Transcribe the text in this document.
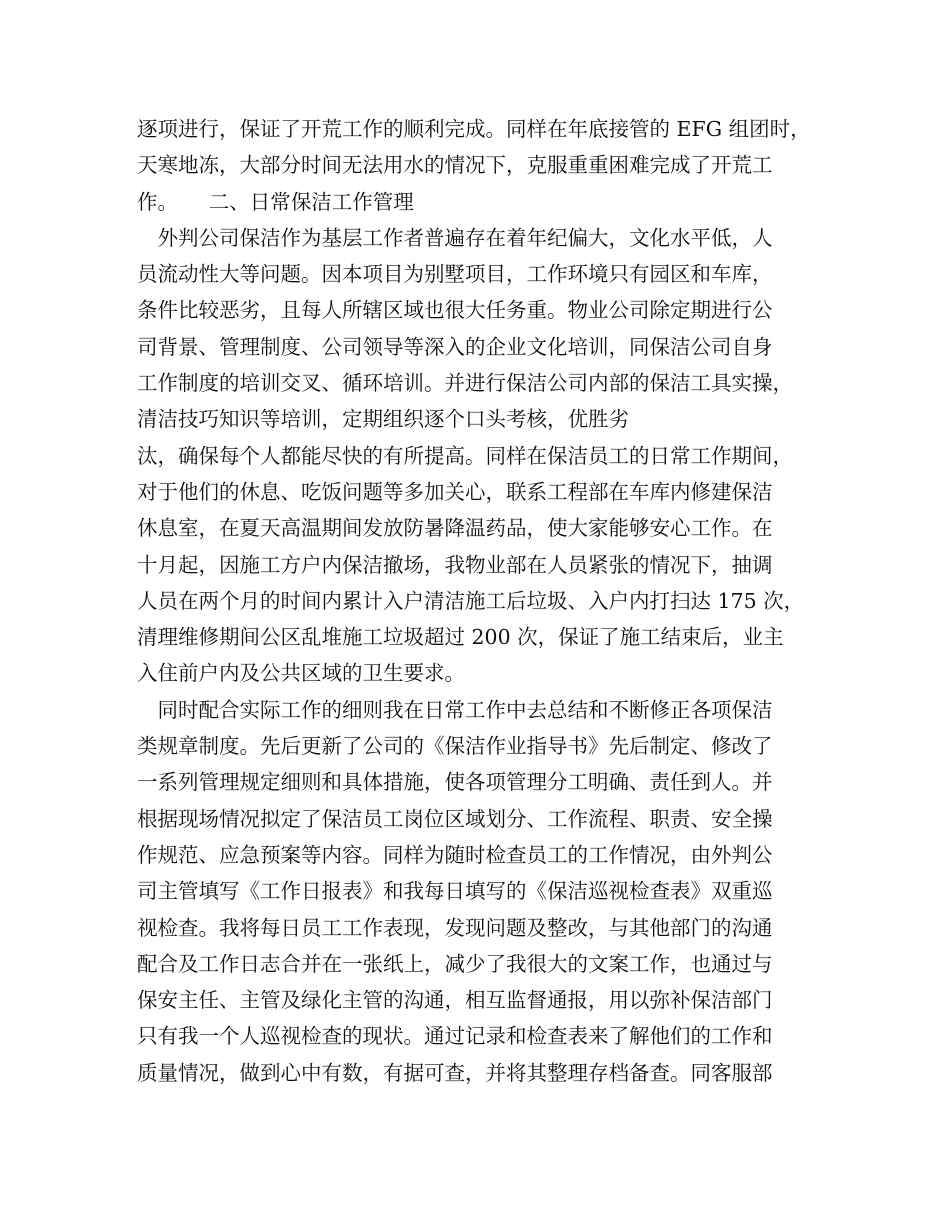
逐项进行，保证了开荒工作的顺利完成。同样在年底接管的 EFG 组团时，
天寒地冻，大部分时间无法用水的情况下，克服重重困难完成了开荒工
作。　　二、日常保洁工作管理
　外判公司保洁作为基层工作者普遍存在着年纪偏大，文化水平低，人
员流动性大等问题。因本项目为别墅项目，工作环境只有园区和车库，
条件比较恶劣，且每人所辖区域也很大任务重。物业公司除定期进行公
司背景、管理制度、公司领导等深入的企业文化培训，同保洁公司自身
工作制度的培训交叉、循环培训。并进行保洁公司内部的保洁工具实操，
清洁技巧知识等培训，定期组织逐个口头考核，优胜劣
汰，确保每个人都能尽快的有所提高。同样在保洁员工的日常工作期间，
对于他们的休息、吃饭问题等多加关心，联系工程部在车库内修建保洁
休息室，在夏天高温期间发放防暑降温药品，使大家能够安心工作。在
十月起，因施工方户内保洁撤场，我物业部在人员紧张的情况下，抽调
人员在两个月的时间内累计入户清洁施工后垃圾、入户内打扫达 175 次，
清理维修期间公区乱堆施工垃圾超过 200 次，保证了施工结束后，业主
入住前户内及公共区域的卫生要求。
　同时配合实际工作的细则我在日常工作中去总结和不断修正各项保洁
类规章制度。先后更新了公司的《保洁作业指导书》先后制定、修改了
一系列管理规定细则和具体措施，使各项管理分工明确、责任到人。并
根据现场情况拟定了保洁员工岗位区域划分、工作流程、职责、安全操
作规范、应急预案等内容。同样为随时检查员工的工作情况，由外判公
司主管填写《工作日报表》和我每日填写的《保洁巡视检查表》双重巡
视检查。我将每日员工工作表现，发现问题及整改，与其他部门的沟通
配合及工作日志合并在一张纸上，减少了我很大的文案工作，也通过与
保安主任、主管及绿化主管的沟通，相互监督通报，用以弥补保洁部门
只有我一个人巡视检查的现状。通过记录和检查表来了解他们的工作和
质量情况，做到心中有数，有据可查，并将其整理存档备查。同客服部
